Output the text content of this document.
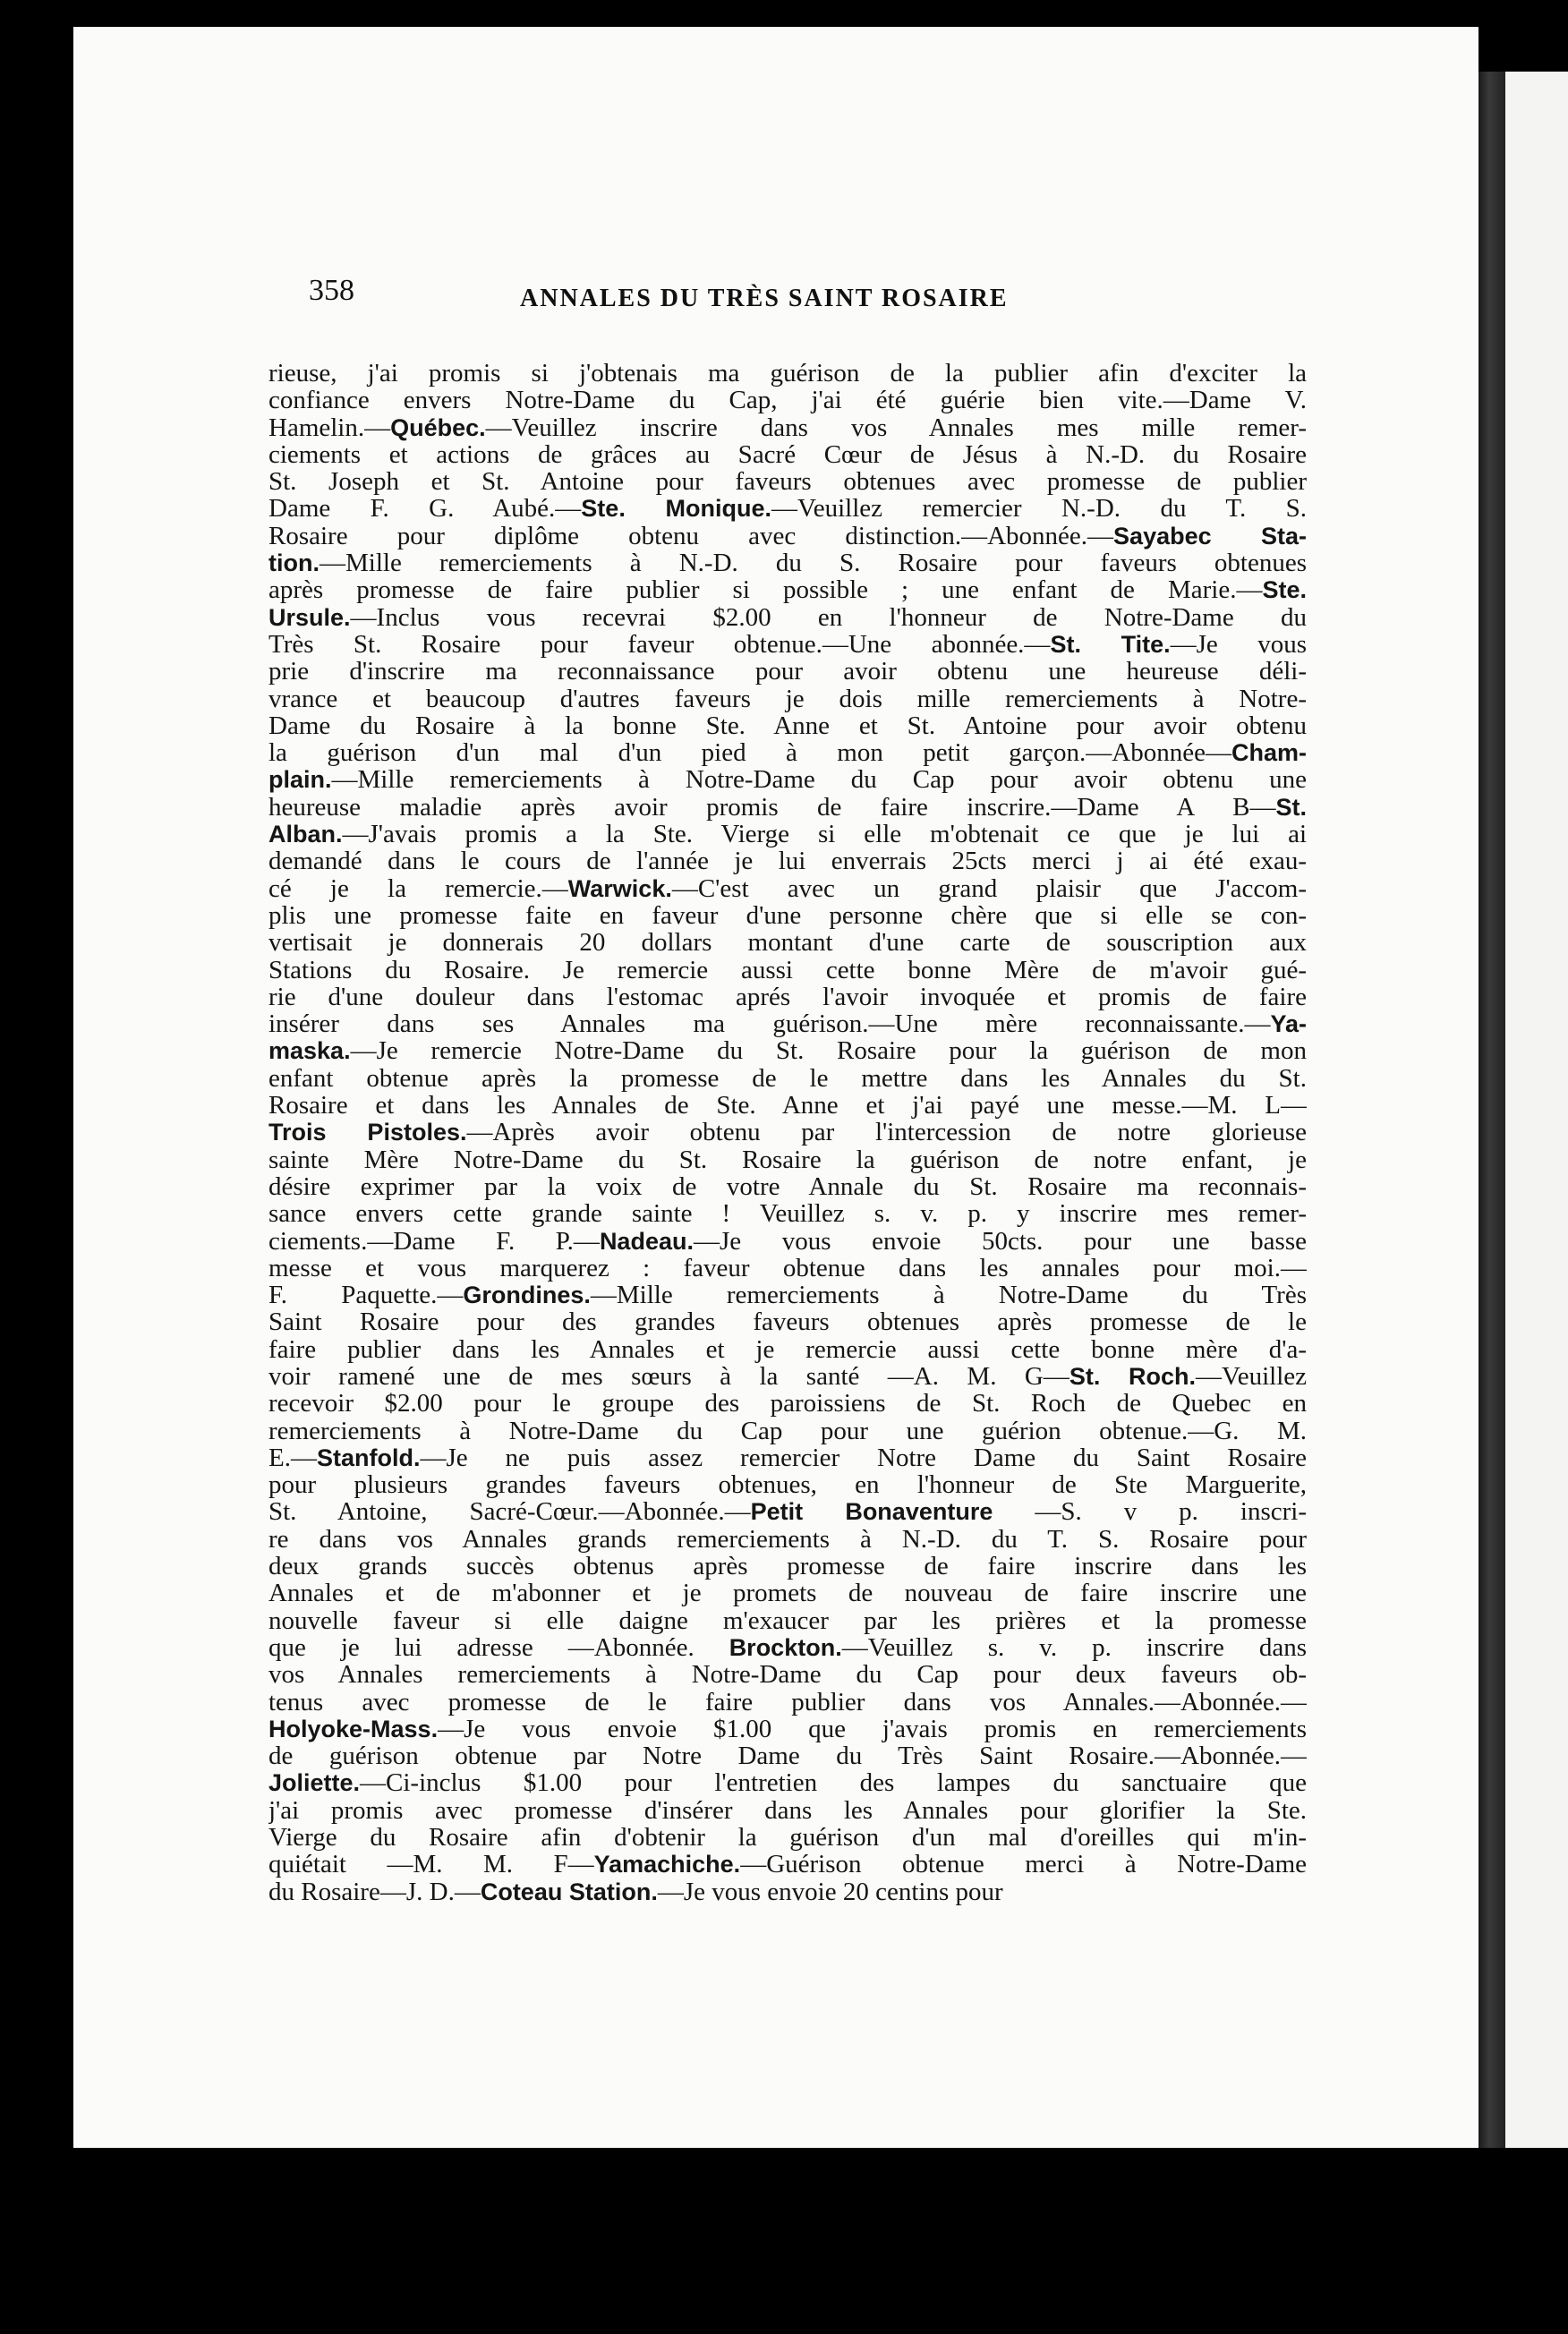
358	ANNALES DU TRÈS SAINT ROSAIRE
rieuse, j'ai promis si j'obtenais ma guérison de la publier afin d'exciter la
confiance envers Notre-Dame du Cap, j'ai été guérie bien vite.—Dame V.
Hamelin.—Québec.—Veuillez inscrire dans vos Annales mes mille remer-
ciements et actions de grâces au Sacré Cœur de Jésus à N.-D. du Rosaire
St. Joseph et St. Antoine pour faveurs obtenues avec promesse de publier
Dame F. G. Aubé.—Ste. Monique.—Veuillez remercier N.-D. du T. S.
Rosaire pour diplôme obtenu avec distinction.—Abonnée.—Sayabec Sta-
tion.—Mille remerciements à N.-D. du S. Rosaire pour faveurs obtenues
après promesse de faire publier si possible ; une enfant de Marie.—Ste.
Ursule.—Inclus vous recevrai $2.00 en l'honneur de Notre-Dame du
Très St. Rosaire pour faveur obtenue.—Une abonnée.—St. Tite.—Je vous
prie d'inscrire ma reconnaissance pour avoir obtenu une heureuse déli-
vrance et beaucoup d'autres faveurs je dois mille remerciements à Notre-
Dame du Rosaire à la bonne Ste. Anne et St. Antoine pour avoir obtenu
la guérison d'un mal d'un pied à mon petit garçon.—Abonnée—Cham-
plain.—Mille remerciements à Notre-Dame du Cap pour avoir obtenu une
heureuse maladie après avoir promis de faire inscrire.—Dame A B—St.
Alban.—J'avais promis a la Ste. Vierge si elle m'obtenait ce que je lui ai
demandé dans le cours de l'année je lui enverrais 25cts merci j ai été exau-
cé je la remercie.—Warwick.—C'est avec un grand plaisir que J'accom-
plis une promesse faite en faveur d'une personne chère que si elle se con-
vertisait je donnerais 20 dollars montant d'une carte de souscription aux
Stations du Rosaire. Je remercie aussi cette bonne Mère de m'avoir gué-
rie d'une douleur dans l'estomac aprés l'avoir invoquée et promis de faire
insérer dans ses Annales ma guérison.—Une mère reconnaissante.—Ya-
maska.—Je remercie Notre-Dame du St. Rosaire pour la guérison de mon
enfant obtenue après la promesse de le mettre dans les Annales du St.
Rosaire et dans les Annales de Ste. Anne et j'ai payé une messe.—M. L—
Trois Pistoles.—Après avoir obtenu par l'intercession de notre glorieuse
sainte Mère Notre-Dame du St. Rosaire la guérison de notre enfant, je
désire exprimer par la voix de votre Annale du St. Rosaire ma reconnais-
sance envers cette grande sainte ! Veuillez s. v. p. y inscrire mes remer-
ciements.—Dame F. P.—Nadeau.—Je vous envoie 50cts. pour une basse
messe et vous marquerez : faveur obtenue dans les annales pour moi.—
F. Paquette.—Grondines.—Mille remerciements à Notre-Dame du Très
Saint Rosaire pour des grandes faveurs obtenues après promesse de le
faire publier dans les Annales et je remercie aussi cette bonne mère d'a-
voir ramené une de mes sœurs à la santé —A. M. G—St. Roch.—Veuillez
recevoir $2.00 pour le groupe des paroissiens de St. Roch de Quebec en
remerciements à Notre-Dame du Cap pour une guérion obtenue.—G. M.
E.—Stanfold.—Je ne puis assez remercier Notre Dame du Saint Rosaire
pour plusieurs grandes faveurs obtenues, en l'honneur de Ste Marguerite,
St. Antoine, Sacré-Cœur.—Abonnée.—Petit Bonaventure —S. v p. inscri-
re dans vos Annales grands remerciements à N.-D. du T. S. Rosaire pour
deux grands succès obtenus après promesse de faire inscrire dans les
Annales et de m'abonner et je promets de nouveau de faire inscrire une
nouvelle faveur si elle daigne m'exaucer par les prières et la promesse
que je lui adresse —Abonnée. Brockton.—Veuillez s. v. p. inscrire dans
vos Annales remerciements à Notre-Dame du Cap pour deux faveurs ob-
tenus avec promesse de le faire publier dans vos Annales.—Abonnée.—
Holyoke-Mass.—Je vous envoie $1.00 que j'avais promis en remerciements
de guérison obtenue par Notre Dame du Très Saint Rosaire.—Abonnée.—
Joliette.—Ci-inclus $1.00 pour l'entretien des lampes du sanctuaire que
j'ai promis avec promesse d'insérer dans les Annales pour glorifier la Ste.
Vierge du Rosaire afin d'obtenir la guérison d'un mal d'oreilles qui m'in-
quiétait —M. M. F—Yamachiche.—Guérison obtenue merci à Notre-Dame
du Rosaire—J. D.—Coteau Station.—Je vous envoie 20 centins pour
